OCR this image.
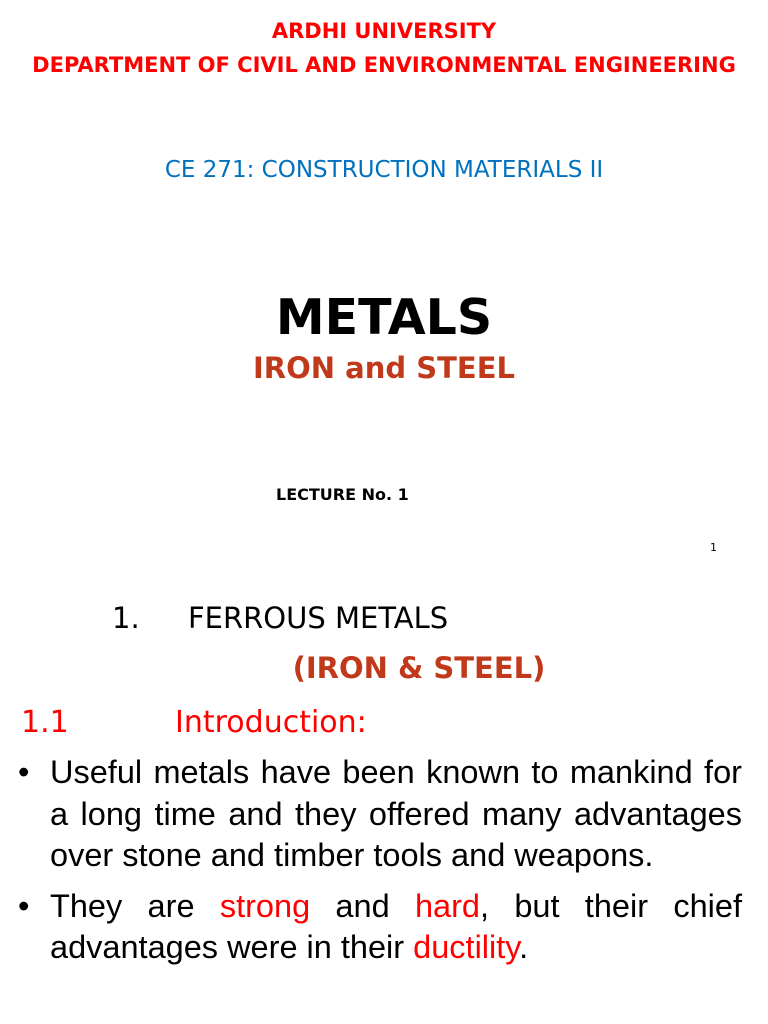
ARDHI UNIVERSITY
DEPARTMENT OF CIVIL AND ENVIRONMENTAL ENGINEERING
CE 271: CONSTRUCTION MATERIALS II
METALS
IRON and STEEL
LECTURE No. 1
1
1. FERROUS METALS
(IRON & STEEL)
1.1	Introduction:
• Useful metals have been known to mankind for a long time and they offered many advantages over stone and timber tools and weapons.
• They are strong and hard, but their chief advantages were in their ductility.
